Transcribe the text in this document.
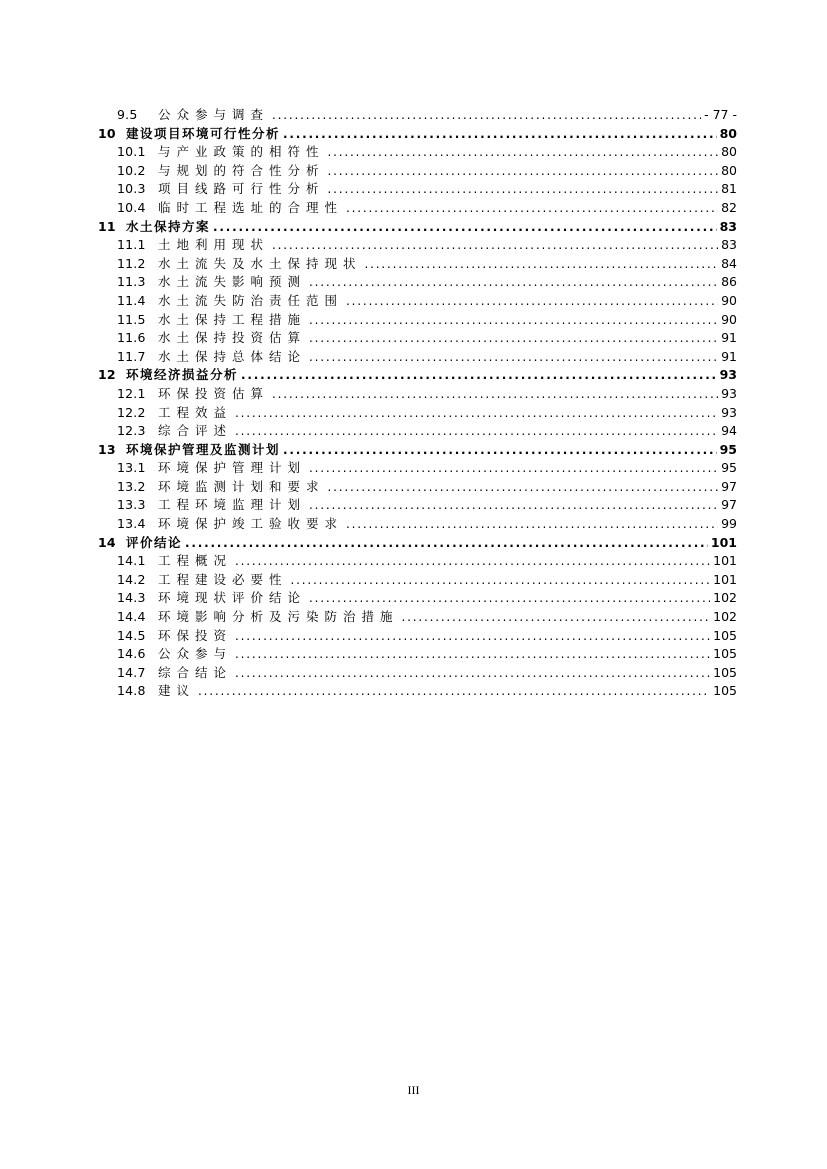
9.5	公众参与调查 .....	- 77 -
10 建设项目环境可行性分析 .....	80
10.1 与产业政策的相符性 .....	80
10.2 与规划的符合性分析 .....	80
10.3 项目线路可行性分析 .....	81
10.4 临时工程选址的合理性 .....	82
11 水土保持方案 .....	83
11.1 土地利用现状 .....	83
11.2 水土流失及水土保持现状 .....	84
11.3 水土流失影响预测 .....	86
11.4 水土流失防治责任范围 .....	90
11.5 水土保持工程措施 .....	90
11.6 水土保持投资估算 .....	91
11.7 水土保持总体结论 .....	91
12 环境经济损益分析 .....	93
12.1 环保投资估算 .....	93
12.2 工程效益 .....	93
12.3 综合评述 .....	94
13 环境保护管理及监测计划 .....	95
13.1 环境保护管理计划 .....	95
13.2 环境监测计划和要求 .....	97
13.3 工程环境监理计划 .....	97
13.4 环境保护竣工验收要求 .....	99
14 评价结论 .....	101
14.1 工程概况 .....	101
14.2 工程建设必要性 .....	101
14.3 环境现状评价结论 .....	102
14.4 环境影响分析及污染防治措施 .....	102
14.5 环保投资 .....	105
14.6 公众参与 .....	105
14.7 综合结论 .....	105
14.8 建议 .....	105
III
